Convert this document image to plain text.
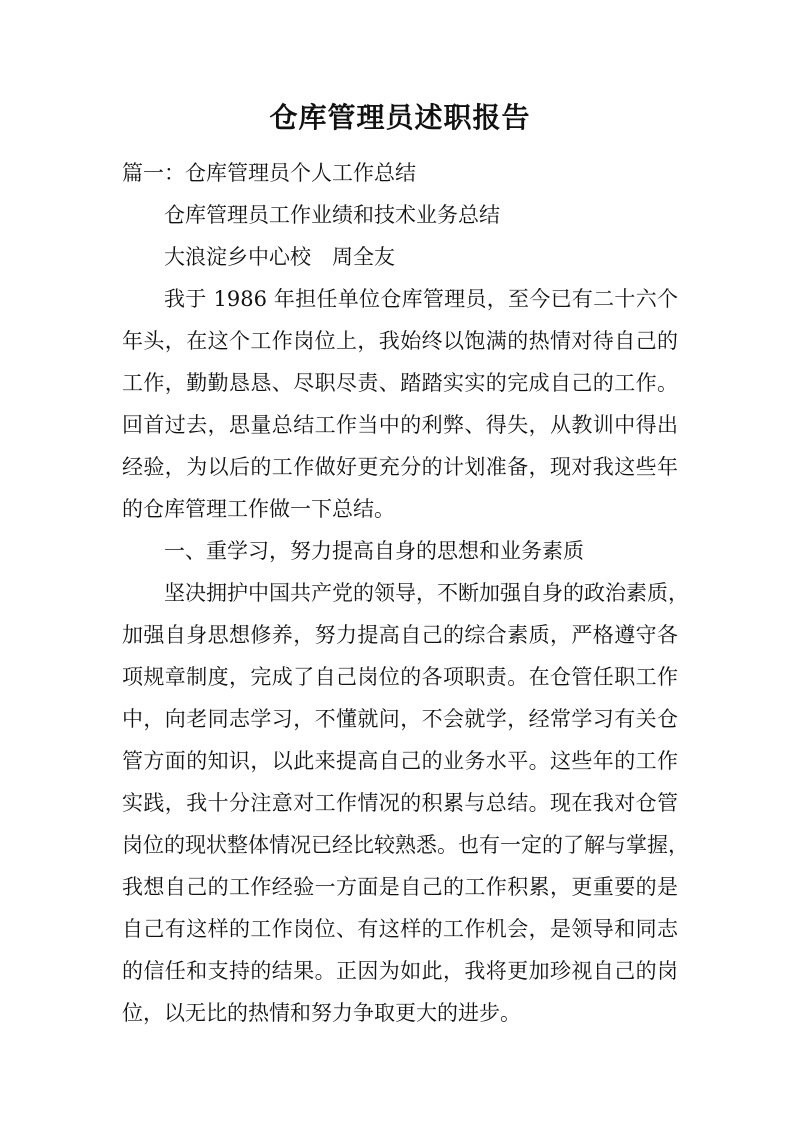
仓库管理员述职报告

篇一：仓库管理员个人工作总结

仓库管理员工作业绩和技术业务总结

大浪淀乡中心校　周全友

我于 1986 年担任单位仓库管理员，至今已有二十六个

年头，在这个工作岗位上，我始终以饱满的热情对待自己的

工作，勤勤恳恳、尽职尽责、踏踏实实的完成自己的工作。

回首过去，思量总结工作当中的利弊、得失，从教训中得出

经验，为以后的工作做好更充分的计划准备，现对我这些年

的仓库管理工作做一下总结。

一、重学习，努力提高自身的思想和业务素质

坚决拥护中国共产党的领导，不断加强自身的政治素质，

加强自身思想修养，努力提高自己的综合素质，严格遵守各

项规章制度，完成了自己岗位的各项职责。在仓管任职工作

中，向老同志学习，不懂就问，不会就学，经常学习有关仓

管方面的知识，以此来提高自己的业务水平。这些年的工作

实践，我十分注意对工作情况的积累与总结。现在我对仓管

岗位的现状整体情况已经比较熟悉。也有一定的了解与掌握，

我想自己的工作经验一方面是自己的工作积累，更重要的是

自己有这样的工作岗位、有这样的工作机会，是领导和同志

的信任和支持的结果。正因为如此，我将更加珍视自己的岗

位，以无比的热情和努力争取更大的进步。
